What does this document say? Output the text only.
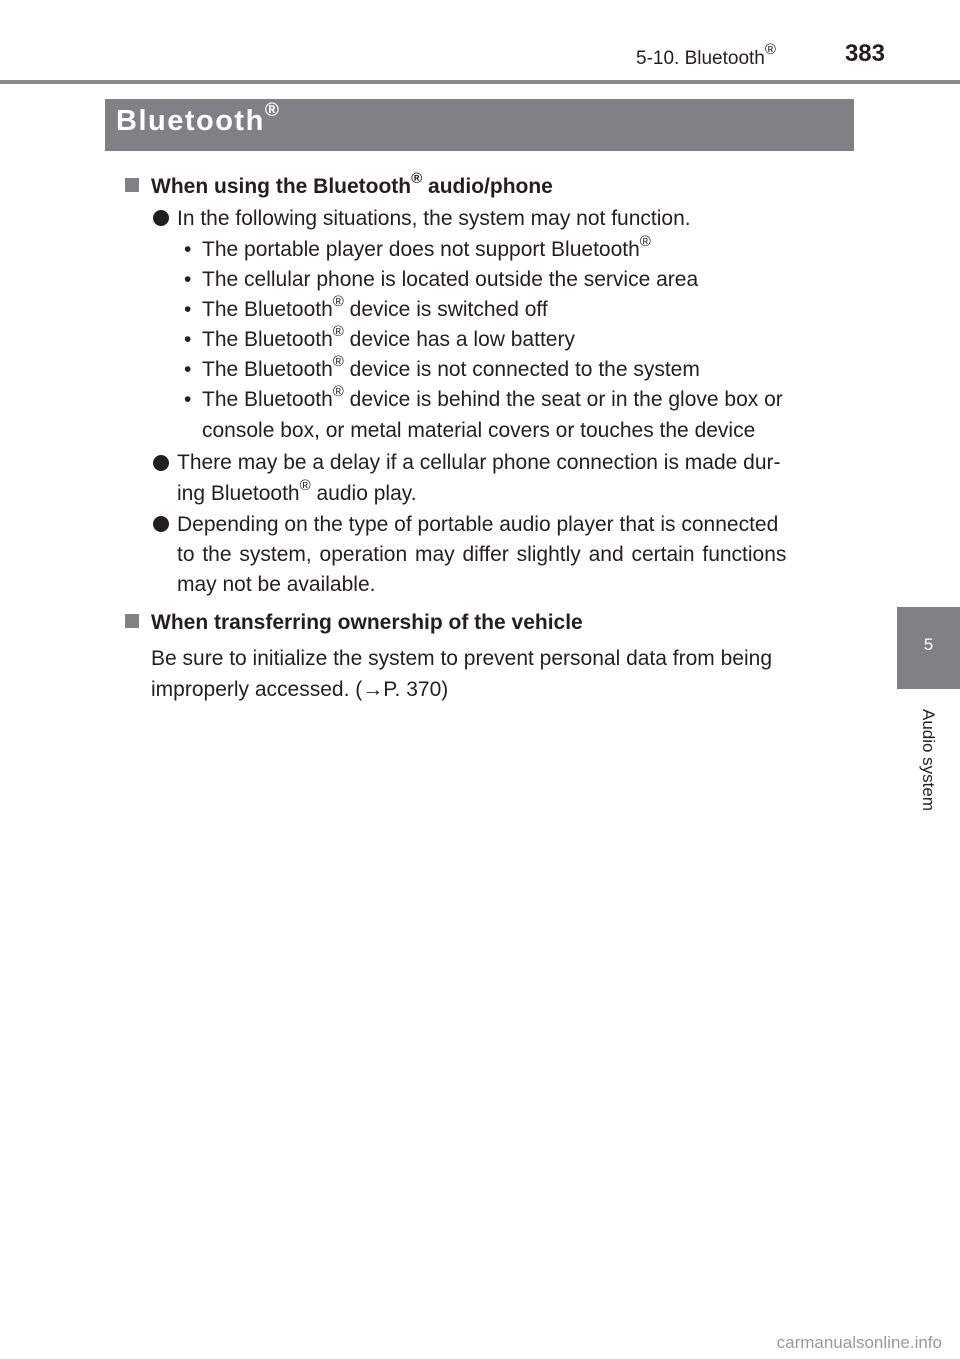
5-10. Bluetooth®	383
Bluetooth®
5
Audio system
When using the Bluetooth® audio/phone
In the following situations, the system may not function.
• The portable player does not support Bluetooth®
• The cellular phone is located outside the service area
• The Bluetooth® device is switched off
• The Bluetooth® device has a low battery
• The Bluetooth® device is not connected to the system
• The Bluetooth® device is behind the seat or in the glove box or
console box, or metal material covers or touches the device
There may be a delay if a cellular phone connection is made dur-
ing Bluetooth® audio play.
Depending on the type of portable audio player that is connected
to the system, operation may differ slightly and certain functions
may not be available.
When transferring ownership of the vehicle
Be sure to initialize the system to prevent personal data from being
improperly accessed. (→P. 370)
carmanualsonline.info
